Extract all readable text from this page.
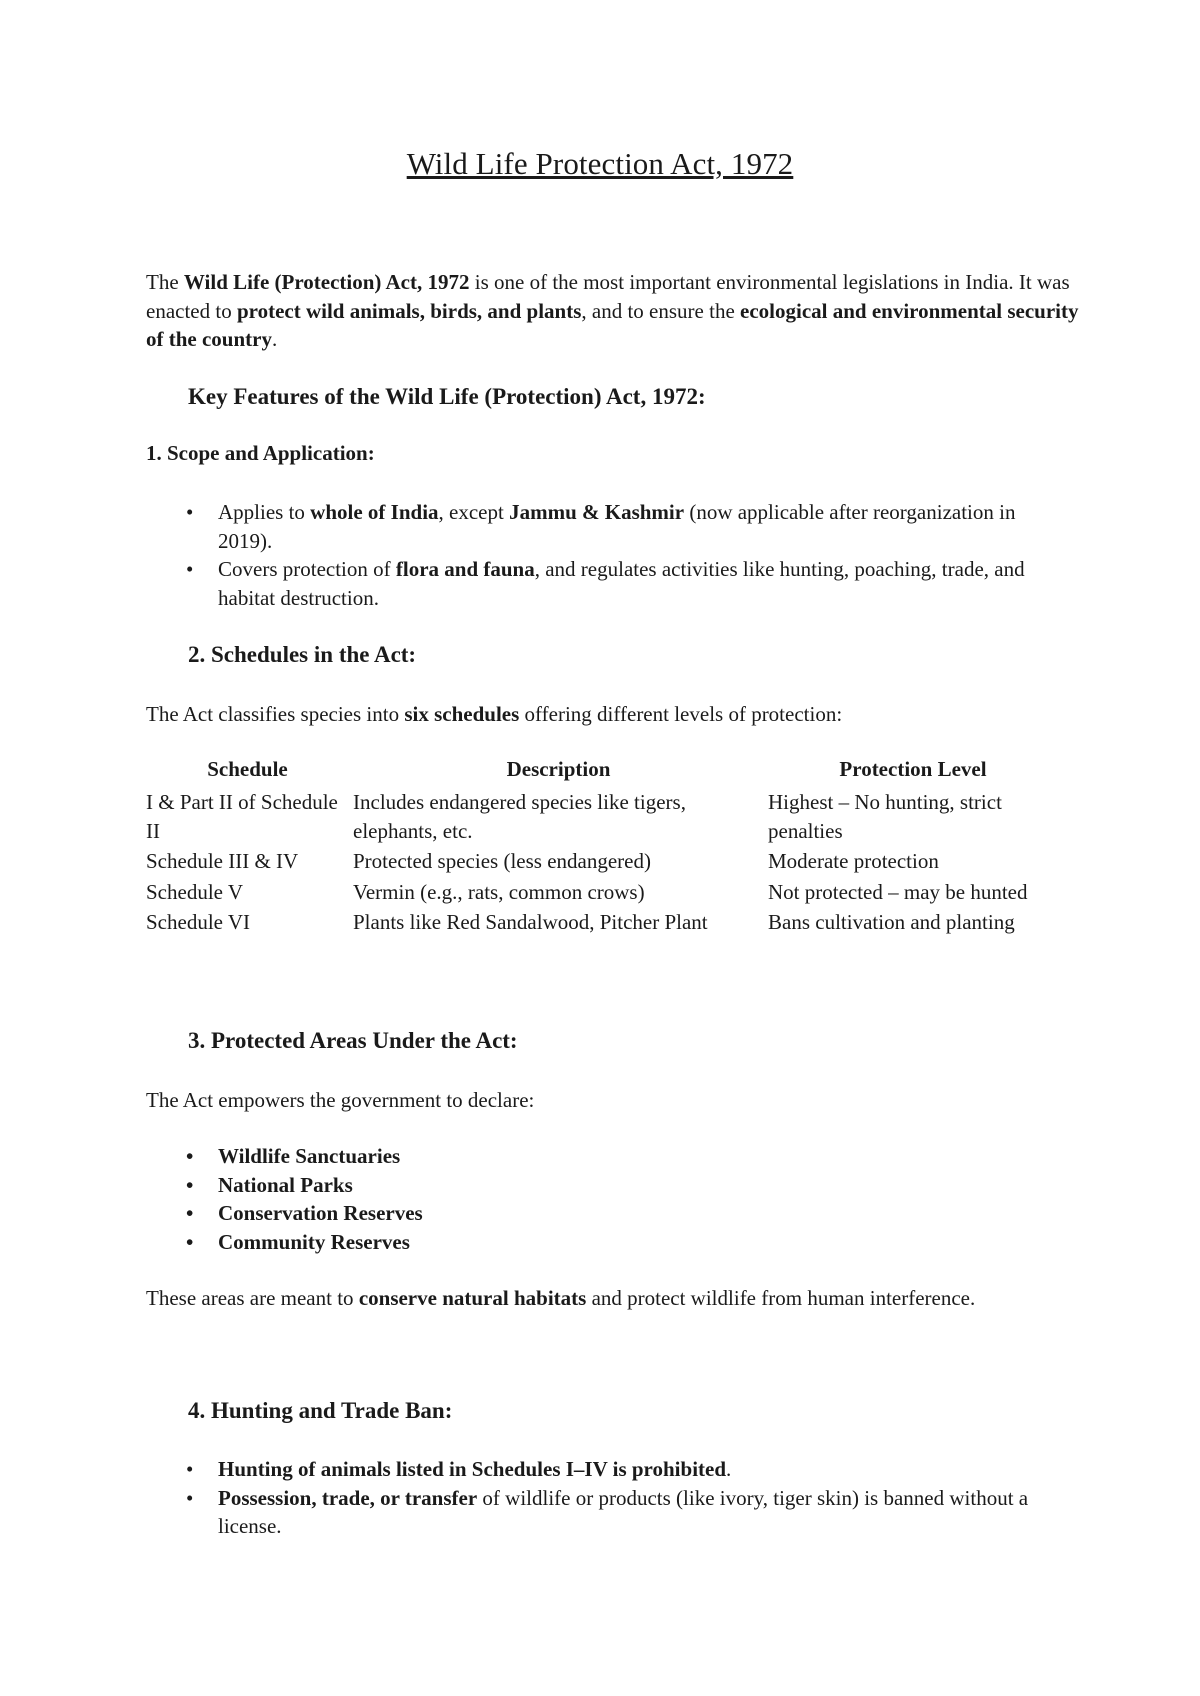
Wild Life Protection Act, 1972
The Wild Life (Protection) Act, 1972 is one of the most important environmental legislations in India. It was enacted to protect wild animals, birds, and plants, and to ensure the ecological and environmental security of the country.
Key Features of the Wild Life (Protection) Act, 1972:
1. Scope and Application:
• Applies to whole of India, except Jammu & Kashmir (now applicable after reorganization in 2019).
• Covers protection of flora and fauna, and regulates activities like hunting, poaching, trade, and habitat destruction.
2. Schedules in the Act:
The Act classifies species into six schedules offering different levels of protection:
Schedule	Description	Protection Level
I & Part II of Schedule II	Includes endangered species like tigers, elephants, etc.	Highest – No hunting, strict penalties
Schedule III & IV	Protected species (less endangered)	Moderate protection
Schedule V	Vermin (e.g., rats, common crows)	Not protected – may be hunted
Schedule VI	Plants like Red Sandalwood, Pitcher Plant	Bans cultivation and planting
3. Protected Areas Under the Act:
The Act empowers the government to declare:
• Wildlife Sanctuaries
• National Parks
• Conservation Reserves
• Community Reserves
These areas are meant to conserve natural habitats and protect wildlife from human interference.
4. Hunting and Trade Ban:
• Hunting of animals listed in Schedules I–IV is prohibited.
• Possession, trade, or transfer of wildlife or products (like ivory, tiger skin) is banned without a license.
